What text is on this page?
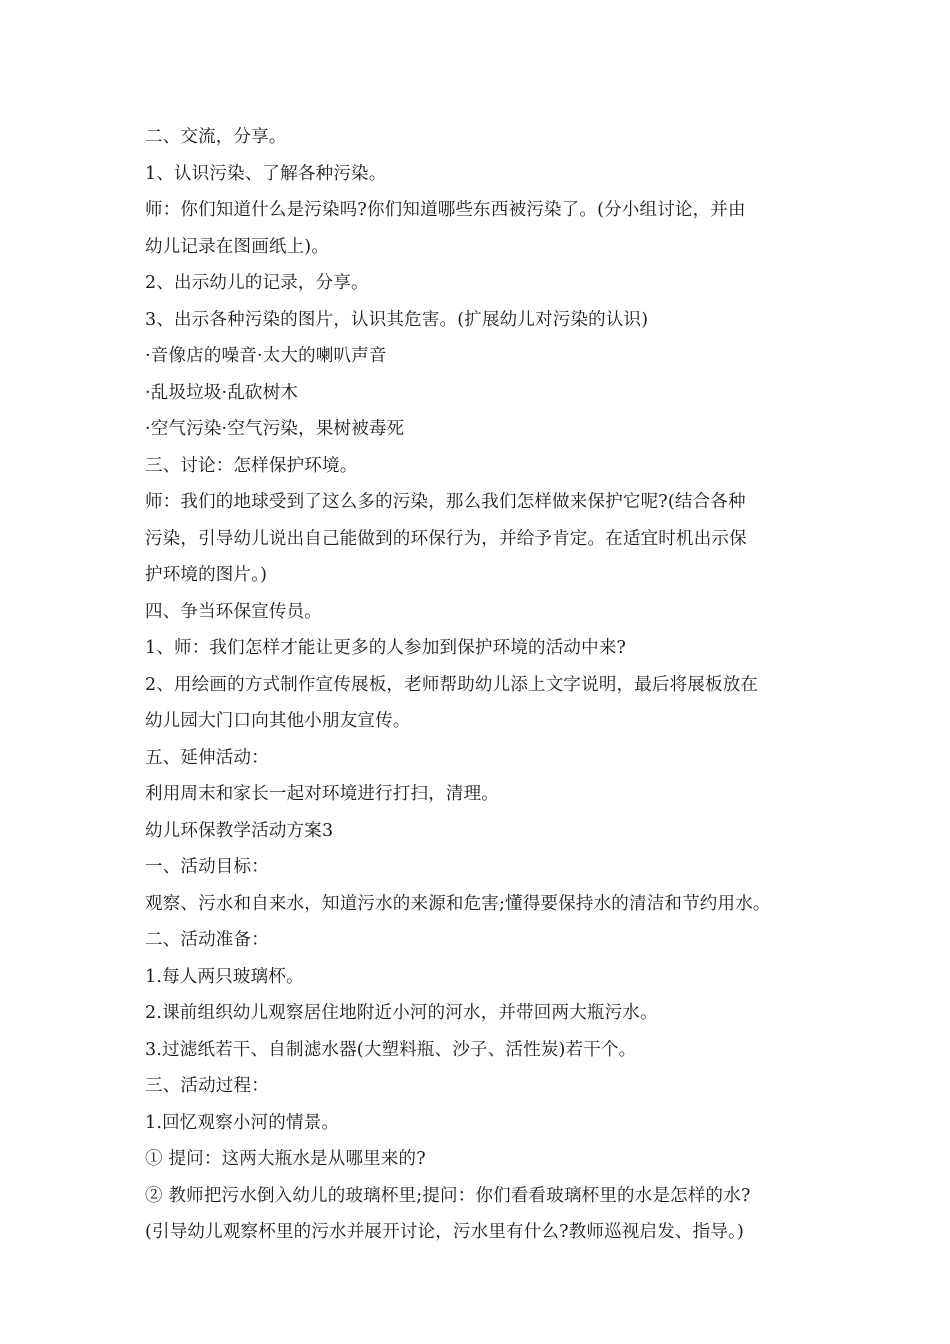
二、交流，分享。
1、认识污染、了解各种污染。
师：你们知道什么是污染吗?你们知道哪些东西被污染了。(分小组讨论，并由
幼儿记录在图画纸上)。
2、出示幼儿的记录，分享。
3、出示各种污染的图片，认识其危害。(扩展幼儿对污染的认识)
·音像店的噪音·太大的喇叭声音
·乱圾垃圾·乱砍树木
·空气污染·空气污染，果树被毒死
三、讨论：怎样保护环境。
师：我们的地球受到了这么多的污染，那么我们怎样做来保护它呢?(结合各种
污染，引导幼儿说出自己能做到的环保行为，并给予肯定。在适宜时机出示保
护环境的图片。)
四、争当环保宣传员。
1、师：我们怎样才能让更多的人参加到保护环境的活动中来?
2、用绘画的方式制作宣传展板，老师帮助幼儿添上文字说明，最后将展板放在
幼儿园大门口向其他小朋友宣传。
五、延伸活动：
利用周末和家长一起对环境进行打扫，清理。
幼儿环保教学活动方案3
一、活动目标：
观察、污水和自来水，知道污水的来源和危害;懂得要保持水的清洁和节约用水。
二、活动准备：
1.每人两只玻璃杯。
2.课前组织幼儿观察居住地附近小河的河水，并带回两大瓶污水。
3.过滤纸若干、自制滤水器(大塑料瓶、沙子、活性炭)若干个。
三、活动过程：
1.回忆观察小河的情景。
① 提问：这两大瓶水是从哪里来的?
② 教师把污水倒入幼儿的玻璃杯里;提问：你们看看玻璃杯里的水是怎样的水?
(引导幼儿观察杯里的污水并展开讨论，污水里有什么?教师巡视启发、指导。)
